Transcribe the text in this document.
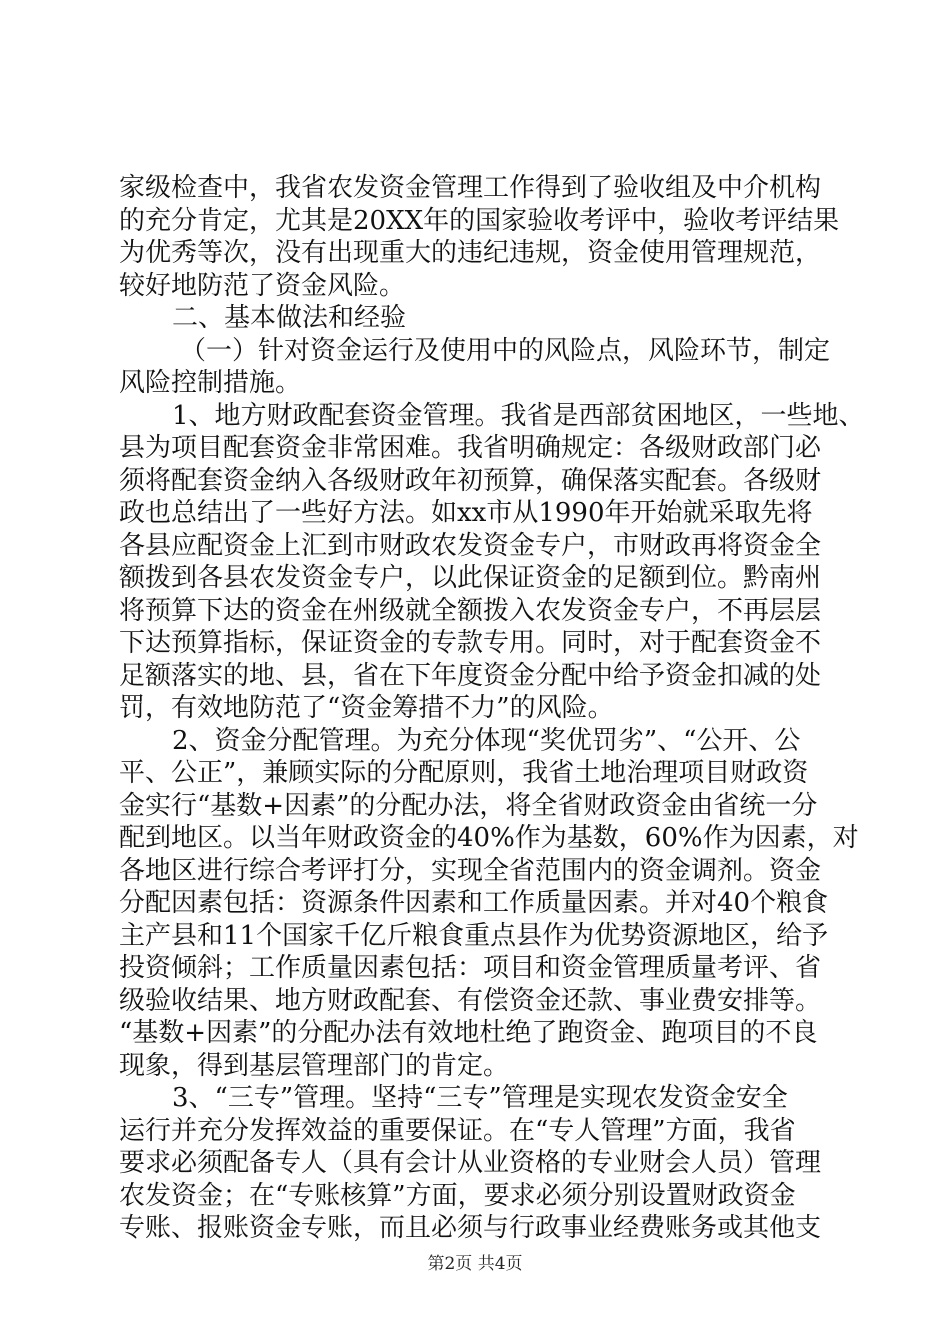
家级检查中，我省农发资金管理工作得到了验收组及中介机构
的充分肯定，尤其是20XX年的国家验收考评中，验收考评结果
为优秀等次，没有出现重大的违纪违规，资金使用管理规范，
较好地防范了资金风险。
二、基本做法和经验
（一）针对资金运行及使用中的风险点，风险环节，制定
风险控制措施。
1、地方财政配套资金管理。我省是西部贫困地区，一些地、
县为项目配套资金非常困难。我省明确规定：各级财政部门必
须将配套资金纳入各级财政年初预算，确保落实配套。各级财
政也总结出了一些好方法。如xx市从1990年开始就采取先将
各县应配资金上汇到市财政农发资金专户，市财政再将资金全
额拨到各县农发资金专户，以此保证资金的足额到位。黔南州
将预算下达的资金在州级就全额拨入农发资金专户，不再层层
下达预算指标，保证资金的专款专用。同时，对于配套资金不
足额落实的地、县，省在下年度资金分配中给予资金扣减的处
罚，有效地防范了“资金筹措不力”的风险。
2、资金分配管理。为充分体现“奖优罚劣”、“公开、公
平、公正”，兼顾实际的分配原则，我省土地治理项目财政资
金实行“基数+因素”的分配办法，将全省财政资金由省统一分
配到地区。以当年财政资金的40%作为基数，60%作为因素，对
各地区进行综合考评打分，实现全省范围内的资金调剂。资金
分配因素包括：资源条件因素和工作质量因素。并对40个粮食
主产县和11个国家千亿斤粮食重点县作为优势资源地区，给予
投资倾斜；工作质量因素包括：项目和资金管理质量考评、省
级验收结果、地方财政配套、有偿资金还款、事业费安排等。
“基数+因素”的分配办法有效地杜绝了跑资金、跑项目的不良
现象，得到基层管理部门的肯定。
3、“三专”管理。坚持“三专”管理是实现农发资金安全
运行并充分发挥效益的重要保证。在“专人管理”方面，我省
要求必须配备专人（具有会计从业资格的专业财会人员）管理
农发资金；在“专账核算”方面，要求必须分别设置财政资金
专账、报账资金专账，而且必须与行政事业经费账务或其他支
第2页 共4页
